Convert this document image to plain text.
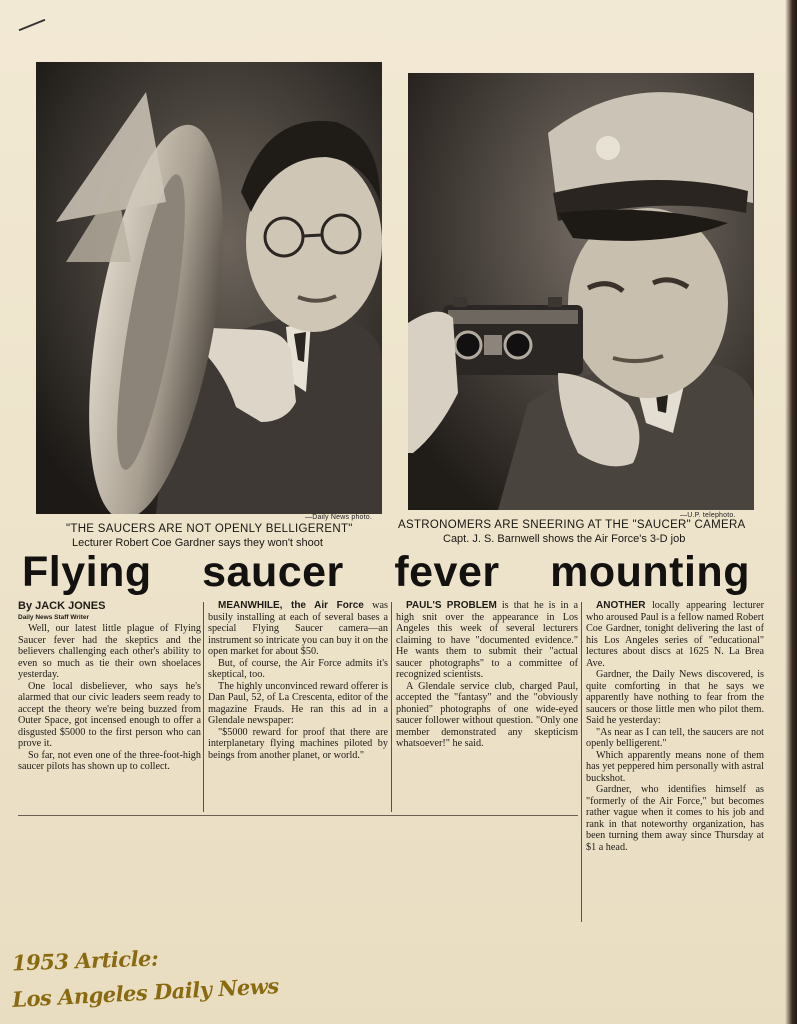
—Daily News photo.	—U.P. telephoto.
"THE SAUCERS ARE NOT OPENLY BELLIGERENT"
Lecturer Robert Coe Gardner says they won't shoot
ASTRONOMERS ARE SNEERING AT THE "SAUCER" CAMERA
Capt. J. S. Barnwell shows the Air Force's 3-D job
Flying saucer fever mounting

By JACK JONES

Daily News Staff Writer

Well, our latest little plague of Flying Saucer fever had the skeptics and the believers challenging each other's ability to even so much as tie their own shoelaces yesterday.

One local disbeliever, who says he's alarmed that our civic leaders seem ready to accept the theory we're being buzzed from Outer Space, got incensed enough to offer a disgusted $5000 to the first person who can prove it.

So far, not even one of the three-foot-high saucer pilots has shown up to collect.

MEANWHILE, the Air Force was busily installing at each of several bases a special Flying Saucer camera—an instrument so intricate you can buy it on the open market for about $50.

But, of course, the Air Force admits it's skeptical, too.

The highly unconvinced reward offerer is Dan Paul, 52, of La Crescenta, editor of the magazine Frauds. He ran this ad in a Glendale newspaper:

"$5000 reward for proof that there are interplanetary flying machines piloted by beings from another planet, or world."

PAUL'S PROBLEM is that he is in a high snit over the appearance in Los Angeles this week of several lecturers claiming to have "documented evidence." He wants them to submit their "actual saucer photographs" to a committee of recognized scientists.

A Glendale service club, charged Paul, accepted the "fantasy" and the "obviously phonied" photographs of one wide-eyed saucer follower without question. "Only one member demonstrated any skepticism whatsoever!" he said.

ANOTHER locally appearing lecturer who aroused Paul is a fellow named Robert Coe Gardner, tonight delivering the last of his Los Angeles series of "educational" lectures about discs at 1625 N. La Brea Ave.

Gardner, the Daily News discovered, is quite comforting in that he says we apparently have nothing to fear from the saucers or those little men who pilot them. Said he yesterday:

"As near as I can tell, the saucers are not openly belligerent."

Which apparently means none of them has yet peppered him personally with astral buckshot.

Gardner, who identifies himself as "formerly of the Air Force," but becomes rather vague when it comes to his job and rank in that noteworthy organization, has been turning them away since Thursday at $1 a head.

1953 Article:
Los Angeles Daily News
